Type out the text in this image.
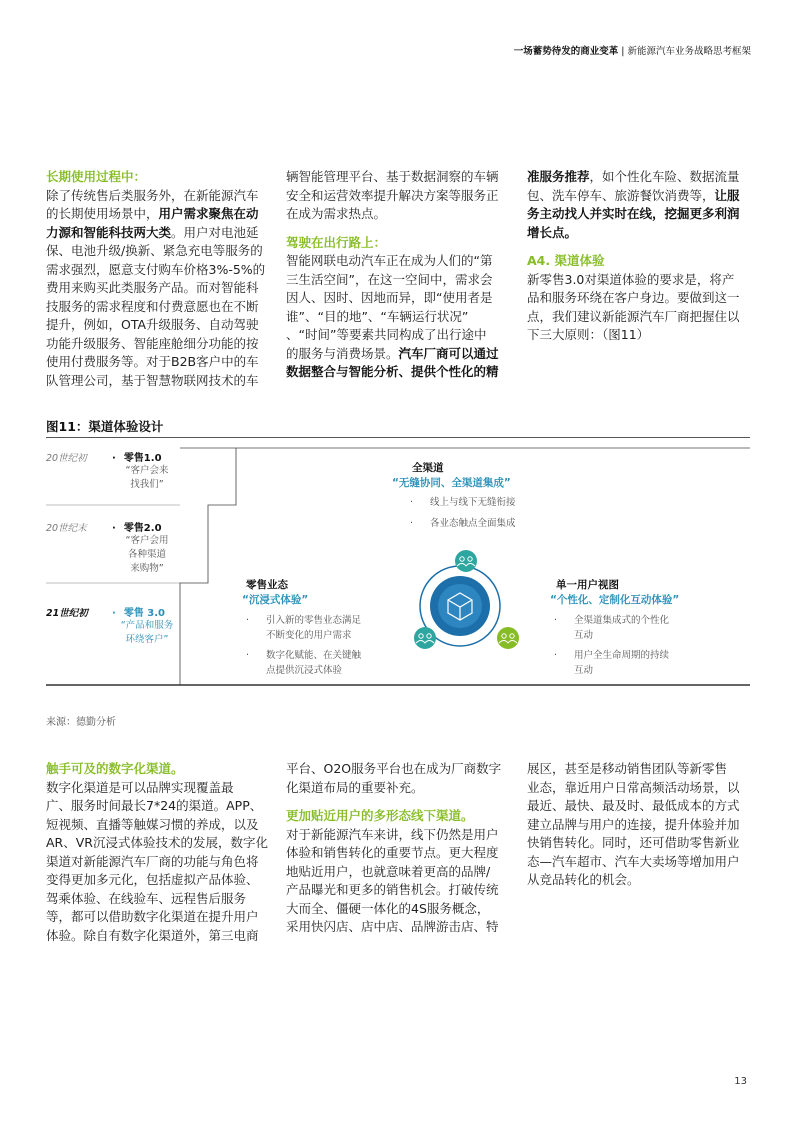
一场蓄势待发的商业变革 | 新能源汽车业务战略思考框架

长期使用过程中：

除了传统售后类服务外，在新能源汽车

的长期使用场景中，用户需求聚焦在动

力源和智能科技两大类。用户对电池延

保、电池升级/换新、紧急充电等服务的

需求强烈，愿意支付购车价格3%-5%的

费用来购买此类服务产品。而对智能科

技服务的需求程度和付费意愿也在不断

提升，例如，OTA升级服务、自动驾驶

功能升级服务、智能座舱细分功能的按

使用付费服务等。对于B2B客户中的车

队管理公司，基于智慧物联网技术的车

辆智能管理平台、基于数据洞察的车辆

安全和运营效率提升解决方案等服务正

在成为需求热点。

驾驶在出行路上：

智能网联电动汽车正在成为人们的“第

三生活空间”，在这一空间中，需求会

因人、因时、因地而异，即“使用者是

谁”、“目的地”、“车辆运行状况”

、“时间”等要素共同构成了出行途中

的服务与消费场景。汽车厂商可以通过

数据整合与智能分析、提供个性化的精

准服务推荐，如个性化车险、数据流量

包、洗车停车、旅游餐饮消费等，让服

务主动找人并实时在线，挖掘更多利润

增长点。

A4. 渠道体验

新零售3.0对渠道体验的要求是，将产

品和服务环绕在客户身边。要做到这一

点，我们建议新能源汽车厂商把握住以

下三大原则：（图11）

图11：渠道体验设计
20世纪初	· 零售1.0
“客户会来
找我们”
20世纪末	· 零售2.0
“客户会用
各种渠道
来购物”
21世纪初 · 零售 3.0
“产品和服务
环绕客户”
全渠道
“无缝协同、全渠道集成”
· 线上与线下无缝衔接
· 各业态触点全面集成
零售业态
“沉浸式体验”
· 引入新的零售业态满足
不断变化的用户需求
· 数字化赋能、在关键触
点提供沉浸式体验
单一用户视图
“个性化、定制化互动体验”
· 全渠道集成式的个性化
互动
· 用户全生命周期的持续
互动
来源：德勤分析

触手可及的数字化渠道。

数字化渠道是可以品牌实现覆盖最

广、服务时间最长7*24的渠道。APP、

短视频、直播等触媒习惯的养成，以及

AR、VR沉浸式体验技术的发展，数字化

渠道对新能源汽车厂商的功能与角色将

变得更加多元化，包括虚拟产品体验、

驾乘体验、在线验车、远程售后服务

等，都可以借助数字化渠道在提升用户

体验。除自有数字化渠道外，第三电商

平台、O2O服务平台也在成为厂商数字

化渠道布局的重要补充。

更加贴近用户的多形态线下渠道。

对于新能源汽车来讲，线下仍然是用户

体验和销售转化的重要节点。更大程度

地贴近用户，也就意味着更高的品牌/

产品曝光和更多的销售机会。打破传统

大而全、僵硬一体化的4S服务概念，

采用快闪店、店中店、品牌游击店、特

展区，甚至是移动销售团队等新零售

业态，靠近用户日常高频活动场景，以

最近、最快、最及时、最低成本的方式

建立品牌与用户的连接，提升体验并加

快销售转化。同时，还可借助零售新业

态—汽车超市、汽车大卖场等增加用户

从竞品转化的机会。

13
